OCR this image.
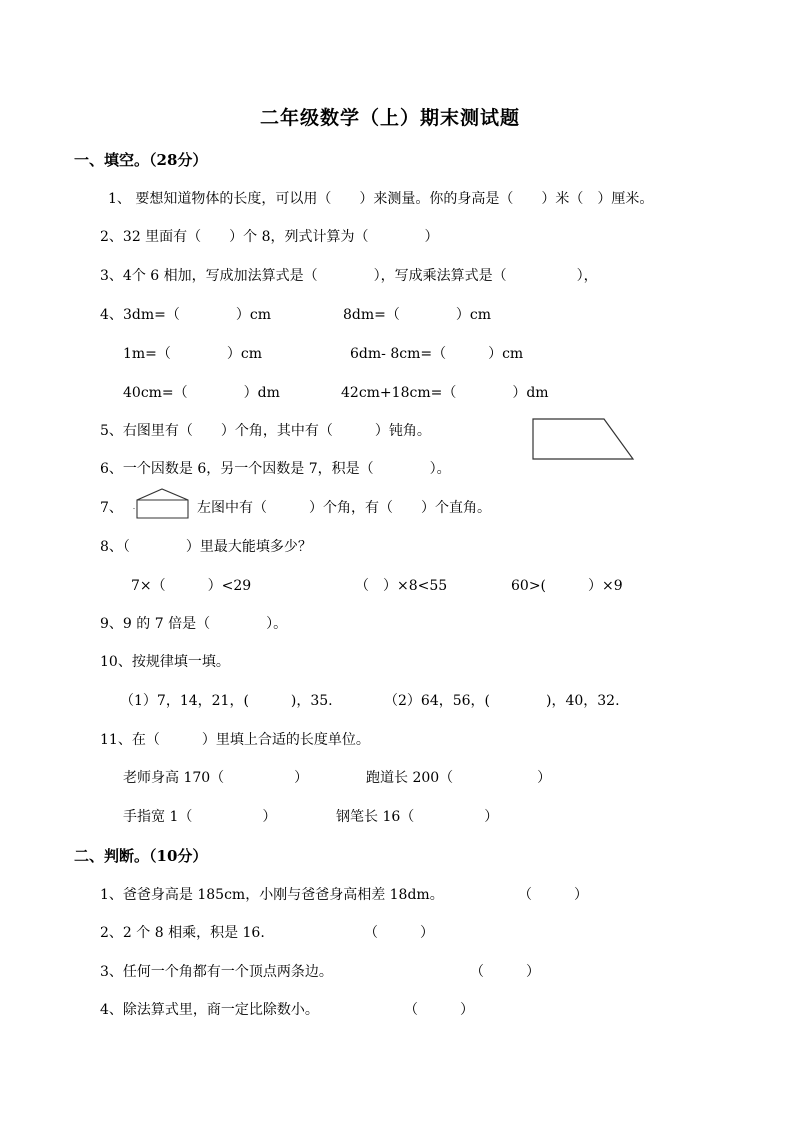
二年级数学（上）期末测试题
一、填空。（28分）
1、 要想知道物体的长度，可以用（　　）来测量。你的身高是（　　）米（　）厘米。
2、32 里面有（　　）个 8，列式计算为（　　　　）
3、4个 6 相加，写成加法算式是（　　　　），写成乘法算式是（　　　　　），
4、 3dm=（　　　　）cm	8dm=（　　　　）cm
1m=（　　　　）cm	6dm- 8cm=（　　　）cm
40cm=（　　　　）dm	42cm+18cm=（　　　　）dm
5、右图里有（　　）个角，其中有（　　　）钝角。
6、一个因数是 6，另一个因数是 7，积是（　　　　）。
7、	左图中有（　　　）个角，有（　　）个直角。
8、（　　　　）里最大能填多少？
7×（　　　）<29	（　）×8<55	60>(　　　）×9
9、9 的 7 倍是（　　　　）。
10、按规律填一填。
（1）7，14，21，(　　　)，35.	（2）64，56，(　　　　)，40，32.
11、在（　　　）里填上合适的长度单位。
老师身高 170（　　　　　）	跑道长 200（　　　　　　）
手指宽 1（　　　　　）	钢笔长 16（　　　　　）
二、判断。（10分）
1、爸爸身高是 185cm，小刚与爸爸身高相差 18dm。	（　　　）
2、2 个 8 相乘，积是 16.	（　　　）
3、任何一个角都有一个顶点两条边。	（　　　）
4、除法算式里，商一定比除数小。	（　　　）
